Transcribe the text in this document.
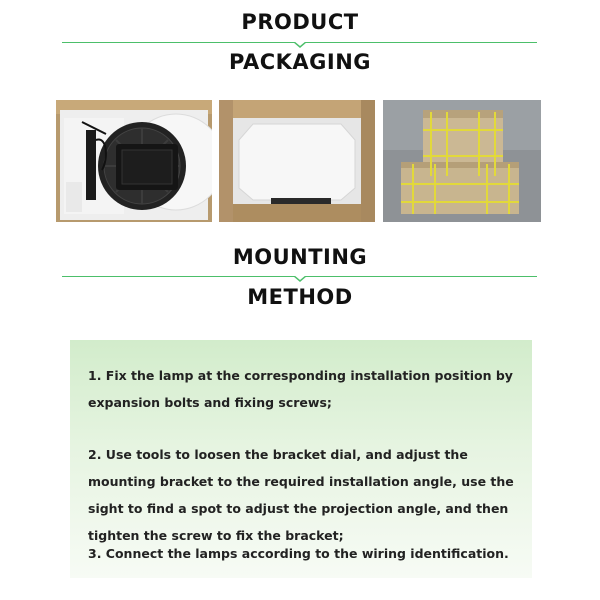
PRODUCT
PACKAGING
MOUNTING
METHOD

1. Fix the lamp at the corresponding installation position by expansion bolts and fixing screws;

2. Use tools to loosen the bracket dial, and adjust the mounting bracket to the required installation angle, use the sight to find a spot to adjust the projection angle, and then tighten the screw to fix the bracket;

3. Connect the lamps according to the wiring identification.
